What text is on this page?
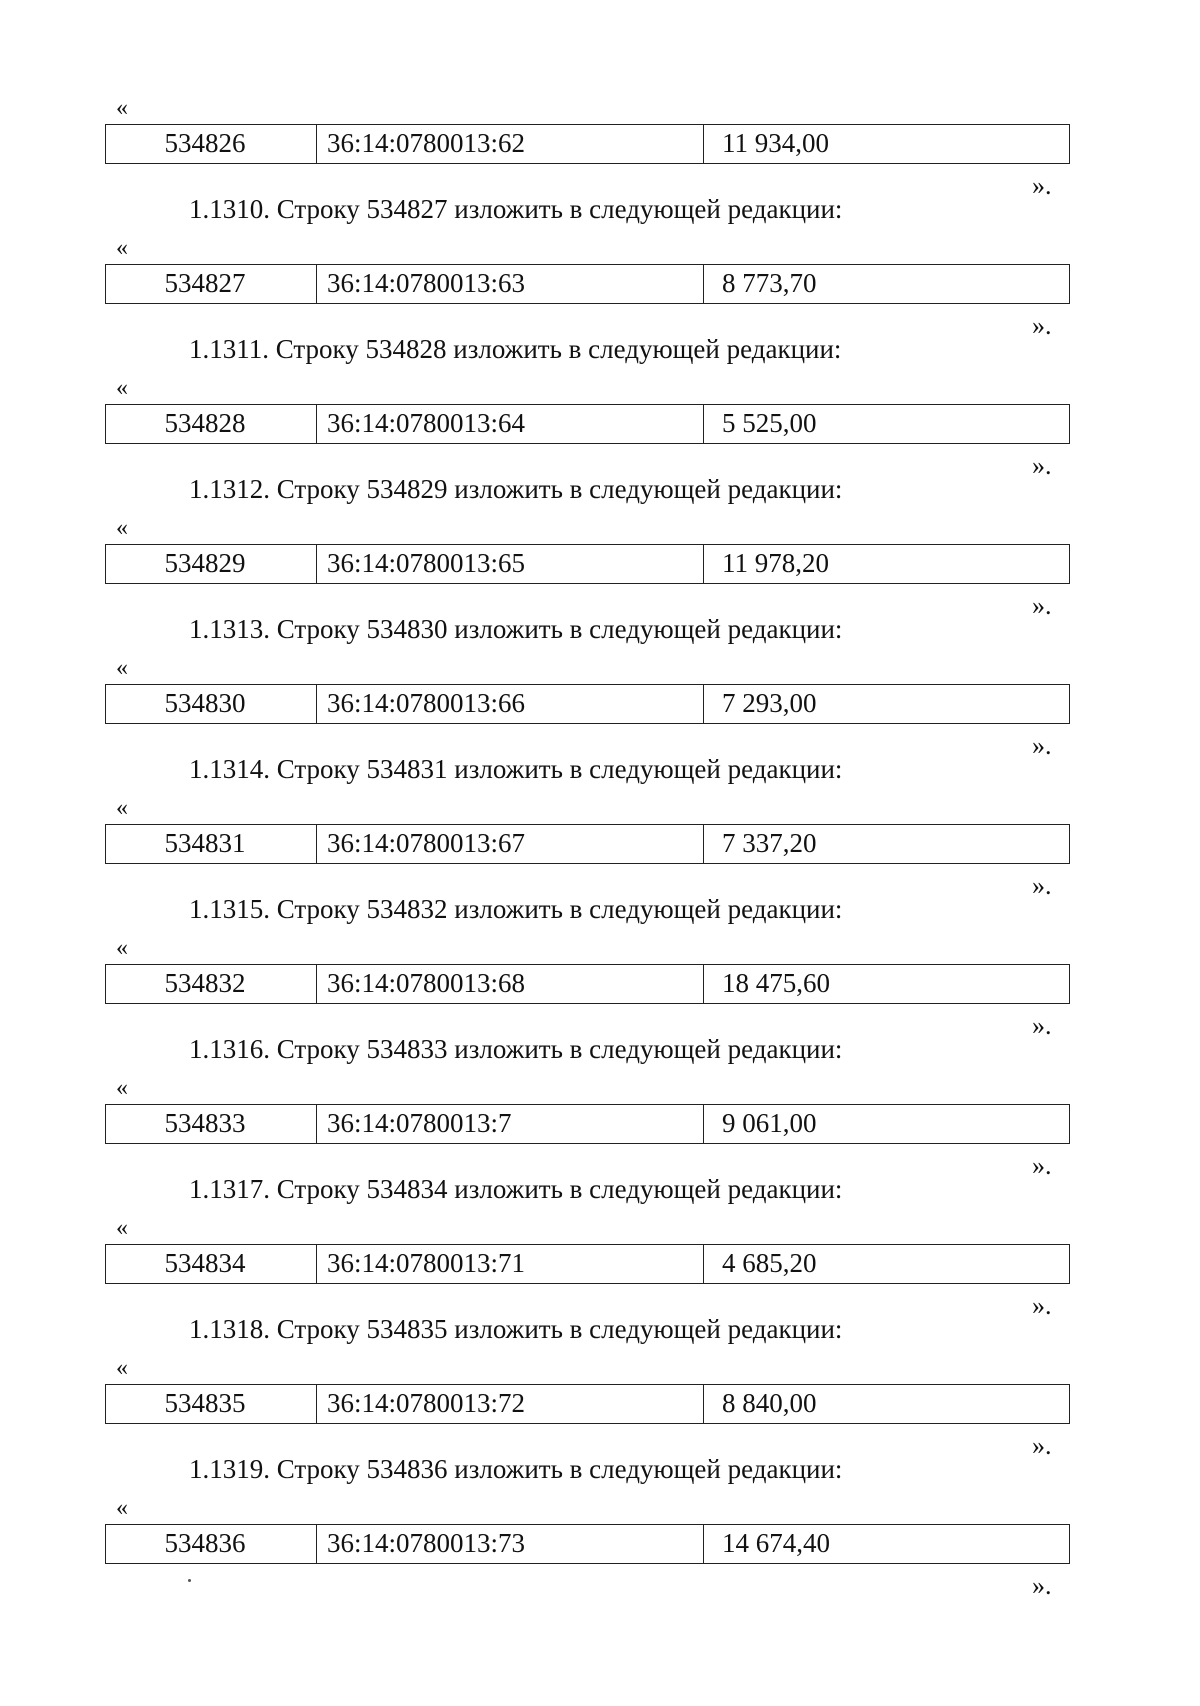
«
534826	36:14:0780013:62	11 934,00
».
1.1310. Строку 534827 изложить в следующей редакции:
«
534827	36:14:0780013:63	8 773,70
».
1.1311. Строку 534828 изложить в следующей редакции:
«
534828	36:14:0780013:64	5 525,00
».
1.1312. Строку 534829 изложить в следующей редакции:
«
534829	36:14:0780013:65	11 978,20
».
1.1313. Строку 534830 изложить в следующей редакции:
«
534830	36:14:0780013:66	7 293,00
».
1.1314. Строку 534831 изложить в следующей редакции:
«
534831	36:14:0780013:67	7 337,20
».
1.1315. Строку 534832 изложить в следующей редакции:
«
534832	36:14:0780013:68	18 475,60
».
1.1316. Строку 534833 изложить в следующей редакции:
«
534833	36:14:0780013:7	9 061,00
».
1.1317. Строку 534834 изложить в следующей редакции:
«
534834	36:14:0780013:71	4 685,20
».
1.1318. Строку 534835 изложить в следующей редакции:
«
534835	36:14:0780013:72	8 840,00
».
1.1319. Строку 534836 изложить в следующей редакции:
«
534836	36:14:0780013:73	14 674,40
».
